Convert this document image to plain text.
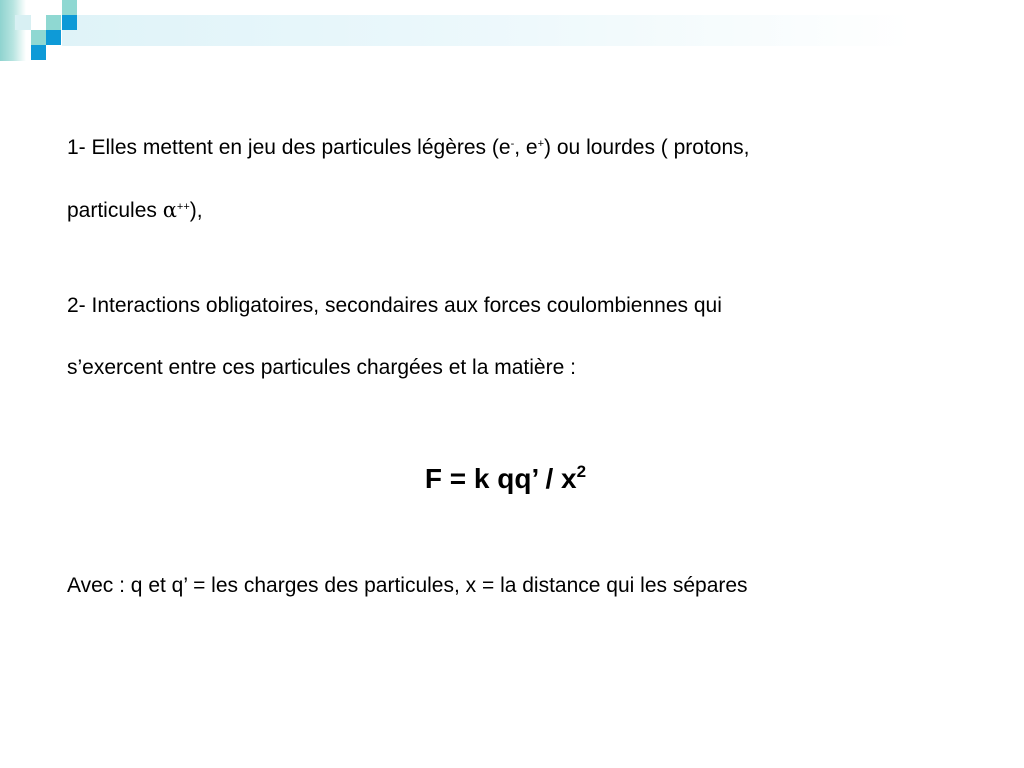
1- Elles mettent en jeu des particules légères (e-, e+) ou lourdes ( protons,
particules α++),
2- Interactions obligatoires, secondaires aux forces coulombiennes qui
s’exercent entre ces particules chargées et la matière :
F = k qq’ / $x^2$
Avec : q et q’ = les charges des particules, x = la distance qui les sépares
